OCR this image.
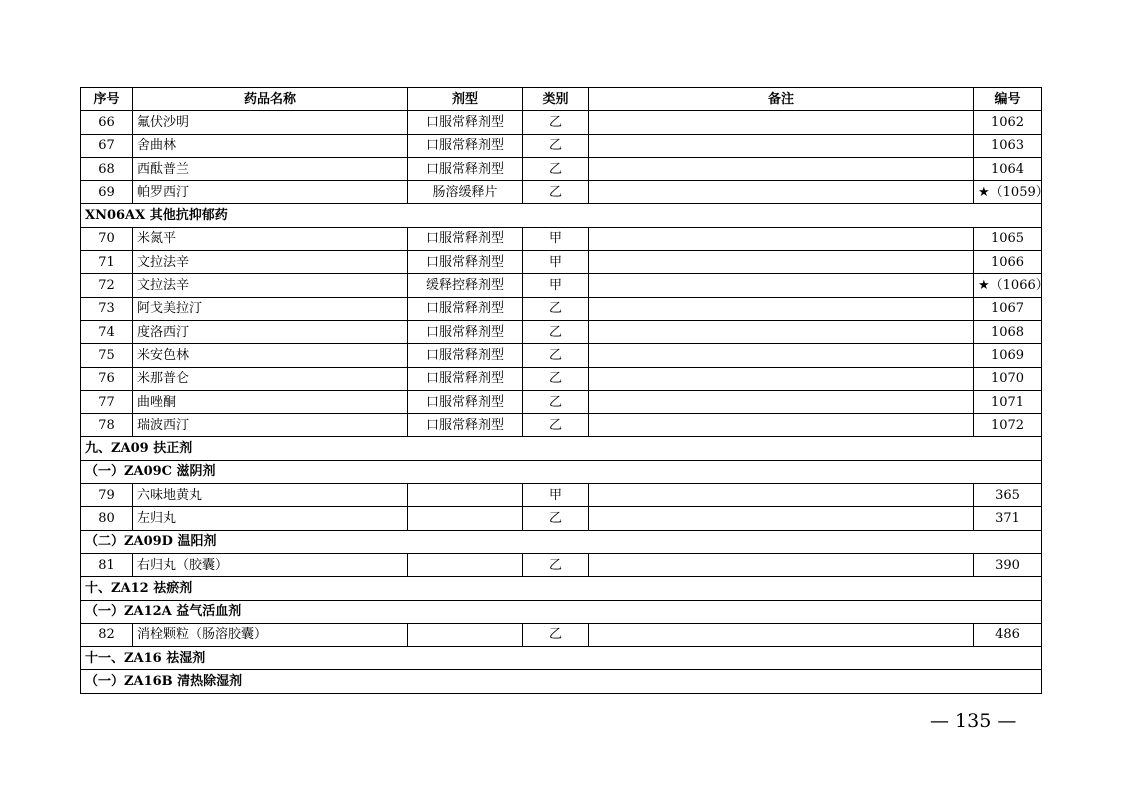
序号	药品名称	剂型	类别	备注	编号
66	氟伏沙明	口服常释剂型	乙		1062
67	舍曲林	口服常释剂型	乙		1063
68	西酞普兰	口服常释剂型	乙		1064
69	帕罗西汀	肠溶缓释片	乙		★（1059）
XN06AX 其他抗抑郁药					
70	米氮平	口服常释剂型	甲		1065
71	文拉法辛	口服常释剂型	甲		1066
72	文拉法辛	缓释控释剂型	甲		★（1066）
73	阿戈美拉汀	口服常释剂型	乙		1067
74	度洛西汀	口服常释剂型	乙		1068
75	米安色林	口服常释剂型	乙		1069
76	米那普仑	口服常释剂型	乙		1070
77	曲唑酮	口服常释剂型	乙		1071
78	瑞波西汀	口服常释剂型	乙		1072
九、ZA09 扶正剂					
（一）ZA09C 滋阴剂					
79	六味地黄丸		甲		365
80	左归丸		乙		371
（二）ZA09D 温阳剂					
81	右归丸（胶囊）		乙		390
十、ZA12 祛瘀剂					
（一）ZA12A 益气活血剂					
82	消栓颗粒（肠溶胶囊）		乙		486
十一、ZA16 祛湿剂					
（一）ZA16B 清热除湿剂					
— 135 —
